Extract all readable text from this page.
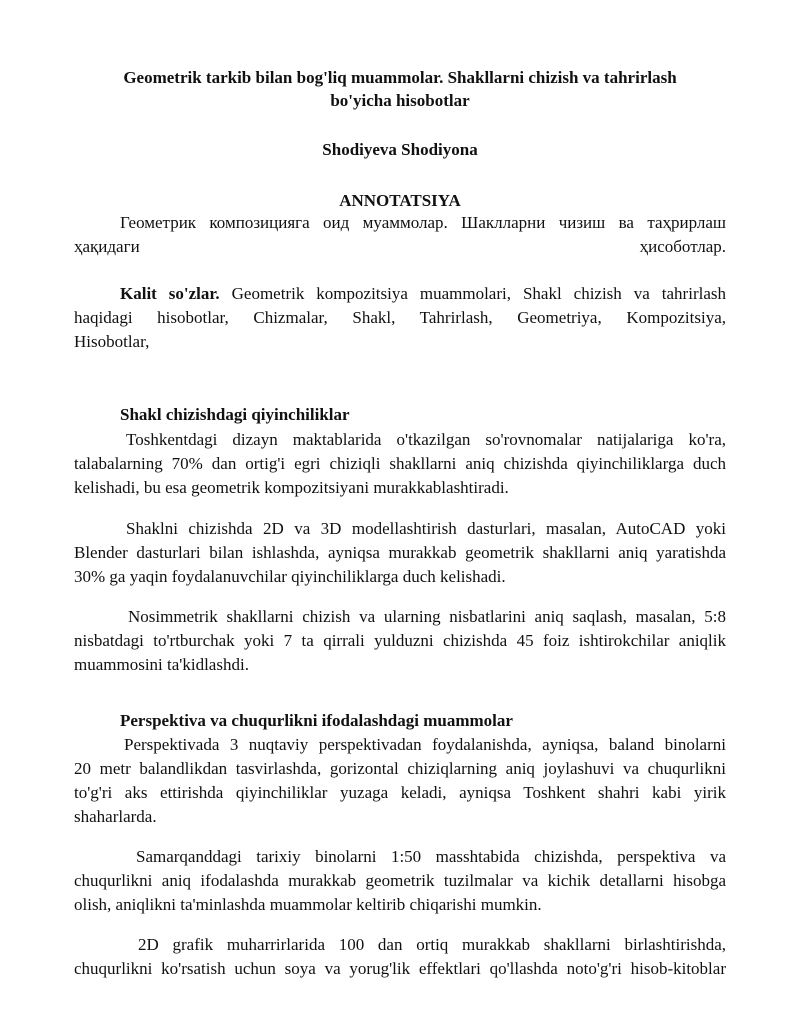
Geometrik tarkib bilan bog'liq muammolar. Shakllarni chizish va tahrirlash
bo'yicha hisobotlar
Shodiyeva Shodiyona
ANNOTATSIYA
Геометрик композицияга оид муаммолар. Шаклларни чизиш ва таҳрирлаш
ҳақидаги	ҳисоботлар.
Kalit so'zlar. Geometrik kompozitsiya muammolari, Shakl chizish va tahrirlash
haqidagi hisobotlar, Chizmalar, Shakl, Tahrirlash, Geometriya, Kompozitsiya,
Hisobotlar,
Shakl chizishdagi qiyinchiliklar
Toshkentdagi dizayn maktablarida o'tkazilgan so'rovnomalar natijalariga ko'ra,
talabalarning 70% dan ortig'i egri chiziqli shakllarni aniq chizishda qiyinchiliklarga duch
kelishadi, bu esa geometrik kompozitsiyani murakkablashtiradi.
Shaklni chizishda 2D va 3D modellashtirish dasturlari, masalan, AutoCAD yoki
Blender dasturlari bilan ishlashda, ayniqsa murakkab geometrik shakllarni aniq yaratishda
30% ga yaqin foydalanuvchilar qiyinchiliklarga duch kelishadi.
Nosimmetrik shakllarni chizish va ularning nisbatlarini aniq saqlash, masalan, 5:8
nisbatdagi to'rtburchak yoki 7 ta qirrali yulduzni chizishda 45 foiz ishtirokchilar aniqlik
muammosini ta'kidlashdi.
Perspektiva va chuqurlikni ifodalashdagi muammolar
Perspektivada 3 nuqtaviy perspektivadan foydalanishda, ayniqsa, baland binolarni
20 metr balandlikdan tasvirlashda, gorizontal chiziqlarning aniq joylashuvi va chuqurlikni
to'g'ri aks ettirishda qiyinchiliklar yuzaga keladi, ayniqsa Toshkent shahri kabi yirik
shaharlarda.
Samarqanddagi tarixiy binolarni 1:50 masshtabida chizishda, perspektiva va
chuqurlikni aniq ifodalashda murakkab geometrik tuzilmalar va kichik detallarni hisobga
olish, aniqlikni ta'minlashda muammolar keltirib chiqarishi mumkin.
2D grafik muharrirlarida 100 dan ortiq murakkab shakllarni birlashtirishda,
chuqurlikni ko'rsatish uchun soya va yorug'lik effektlari qo'llashda noto'g'ri hisob-kitoblar
